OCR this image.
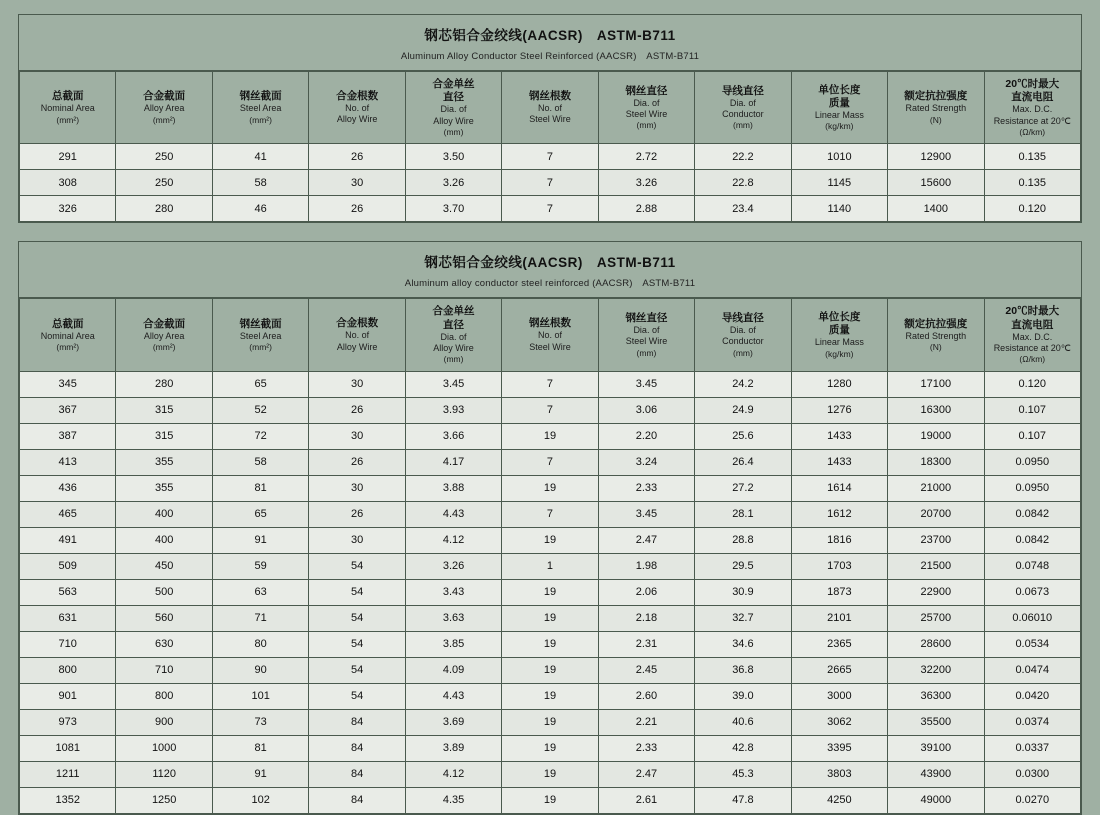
钢芯铝合金绞线(AACSR)　ASTM-B711
Aluminum Alloy Conductor Steel Reinforced (AACSR)　ASTM-B711
总截面
Nominal Area
(mm²)	合金截面
Alloy Area
(mm²)	钢丝截面
Steel Area
(mm²)	合金根数
No. of
Alloy Wire	合金单丝
直径
Dia. of
Alloy Wire
(mm)	钢丝根数
No. of
Steel Wire	钢丝直径
Dia. of
Steel Wire
(mm)	导线直径
Dia. of
Conductor
(mm)	单位长度
质量
Linear Mass
(kg/km)	额定抗拉强度
Rated Strength
(N)	20℃时最大
直流电阻
Max. D.C.
Resistance at 20℃
(Ω/km)

291	250	41	26	3.50	7	2.72	22.2	1010	12900	0.135
308	250	58	30	3.26	7	3.26	22.8	1145	15600	0.135
326	280	46	26	3.70	7	2.88	23.4	1140	1400	0.120
钢芯铝合金绞线(AACSR)　ASTM-B711
Aluminum alloy conductor steel reinforced (AACSR)　ASTM-B711
总截面
Nominal Area
(mm²)	合金截面
Alloy Area
(mm²)	钢丝截面
Steel Area
(mm²)	合金根数
No. of
Alloy Wire	合金单丝
直径
Dia. of
Alloy Wire
(mm)	钢丝根数
No. of
Steel Wire	钢丝直径
Dia. of
Steel Wire
(mm)	导线直径
Dia. of
Conductor
(mm)	单位长度
质量
Linear Mass
(kg/km)	额定抗拉强度
Rated Strength
(N)	20℃时最大
直流电阻
Max. D.C.
Resistance at 20℃
(Ω/km)

345	280	65	30	3.45	7	3.45	24.2	1280	17100	0.120
367	315	52	26	3.93	7	3.06	24.9	1276	16300	0.107
387	315	72	30	3.66	19	2.20	25.6	1433	19000	0.107
413	355	58	26	4.17	7	3.24	26.4	1433	18300	0.0950
436	355	81	30	3.88	19	2.33	27.2	1614	21000	0.0950
465	400	65	26	4.43	7	3.45	28.1	1612	20700	0.0842
491	400	91	30	4.12	19	2.47	28.8	1816	23700	0.0842
509	450	59	54	3.26	1	1.98	29.5	1703	21500	0.0748
563	500	63	54	3.43	19	2.06	30.9	1873	22900	0.0673
631	560	71	54	3.63	19	2.18	32.7	2101	25700	0.06010
710	630	80	54	3.85	19	2.31	34.6	2365	28600	0.0534
800	710	90	54	4.09	19	2.45	36.8	2665	32200	0.0474
901	800	101	54	4.43	19	2.60	39.0	3000	36300	0.0420
973	900	73	84	3.69	19	2.21	40.6	3062	35500	0.0374
1081	1000	81	84	3.89	19	2.33	42.8	3395	39100	0.0337
1211	1120	91	84	4.12	19	2.47	45.3	3803	43900	0.0300
1352	1250	102	84	4.35	19	2.61	47.8	4250	49000	0.0270
